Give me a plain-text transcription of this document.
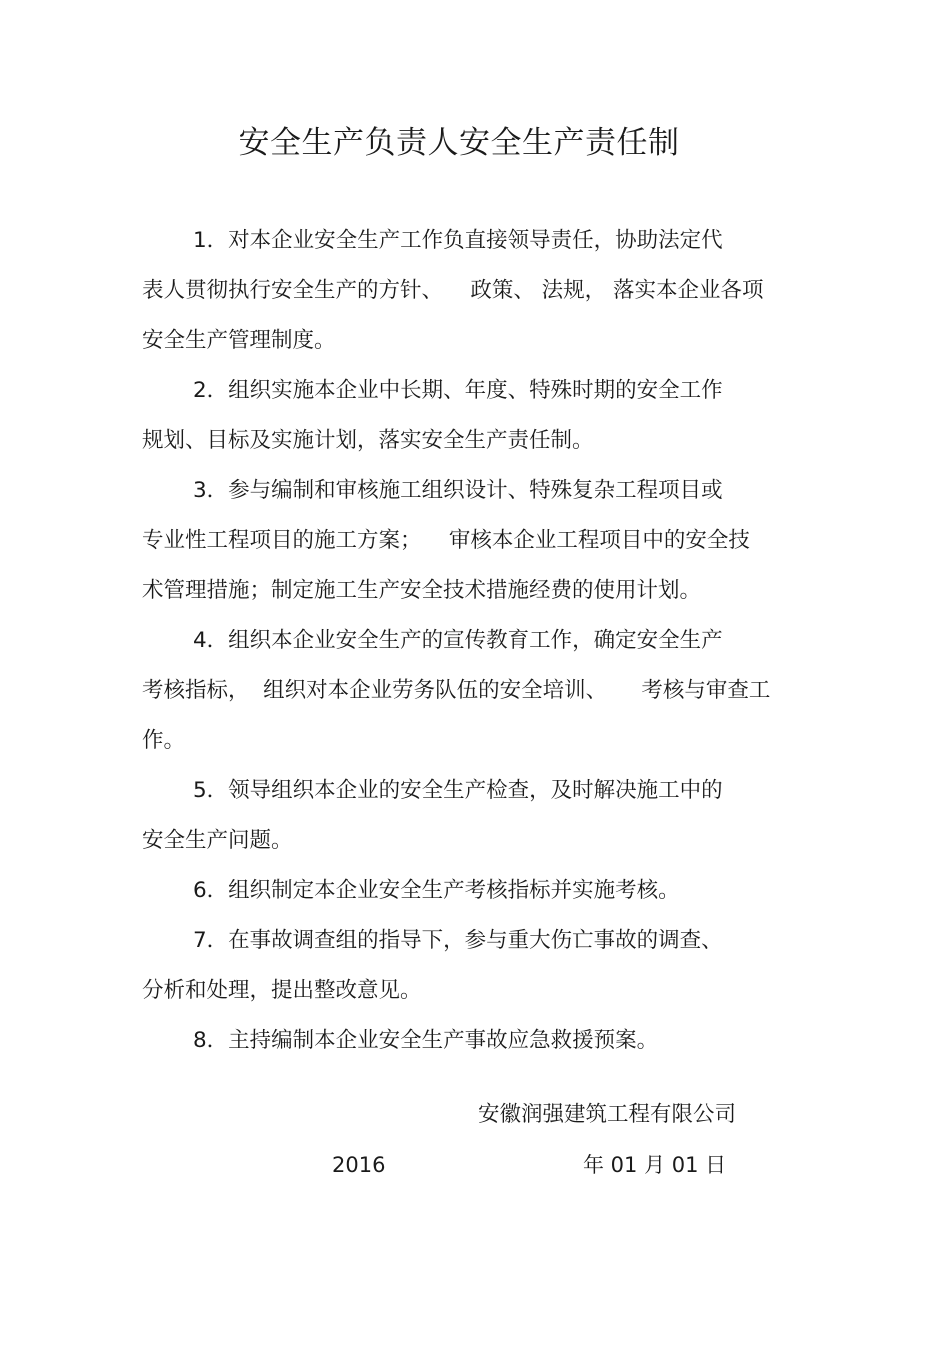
安全生产负责人安全生产责任制

1．对本企业安全生产工作负直接领导责任，协助法定代

表人贯彻执行安全生产的方针、    政策、 法规， 落实本企业各项

安全生产管理制度。

2．组织实施本企业中长期、年度、特殊时期的安全工作

规划、目标及实施计划，落实安全生产责任制。

3．参与编制和审核施工组织设计、特殊复杂工程项目或

专业性工程项目的施工方案；    审核本企业工程项目中的安全技

术管理措施；制定施工生产安全技术措施经费的使用计划。

4．组织本企业安全生产的宣传教育工作，确定安全生产

考核指标，  组织对本企业劳务队伍的安全培训、     考核与审查工

作。

5．领导组织本企业的安全生产检查，及时解决施工中的

安全生产问题。

6．组织制定本企业安全生产考核指标并实施考核。

7．在事故调查组的指导下，参与重大伤亡事故的调查、

分析和处理，提出整改意见。

8．主持编制本企业安全生产事故应急救援预案。

安徽润强建筑工程有限公司
2016	年 01 月 01 日
